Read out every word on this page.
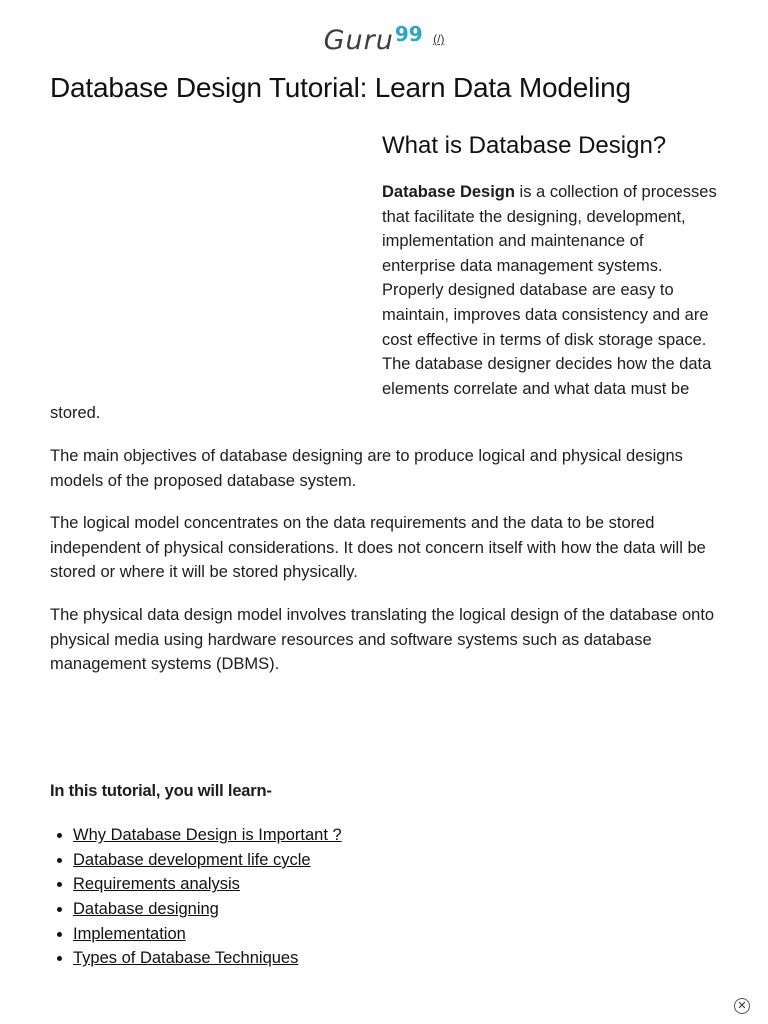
Guru99 (/)
Database Design Tutorial: Learn Data Modeling
What is Database Design?

Database Design is a collection of processes that facilitate the designing, development, implementation and maintenance of enterprise data management systems. Properly designed database are easy to maintain, improves data consistency and are cost effective in terms of disk storage space. The database designer decides how the data elements correlate and what data must be stored.

The main objectives of database designing are to produce logical and physical designs models of the proposed database system.

The logical model concentrates on the data requirements and the data to be stored independent of physical considerations. It does not concern itself with how the data will be stored or where it will be stored physically.

The physical data design model involves translating the logical design of the database onto physical media using hardware resources and software systems such as database management systems (DBMS).

In this tutorial, you will learn-

Why Database Design is Important ?
Database development life cycle
Requirements analysis
Database designing
Implementation
Types of Database Techniques
✕
